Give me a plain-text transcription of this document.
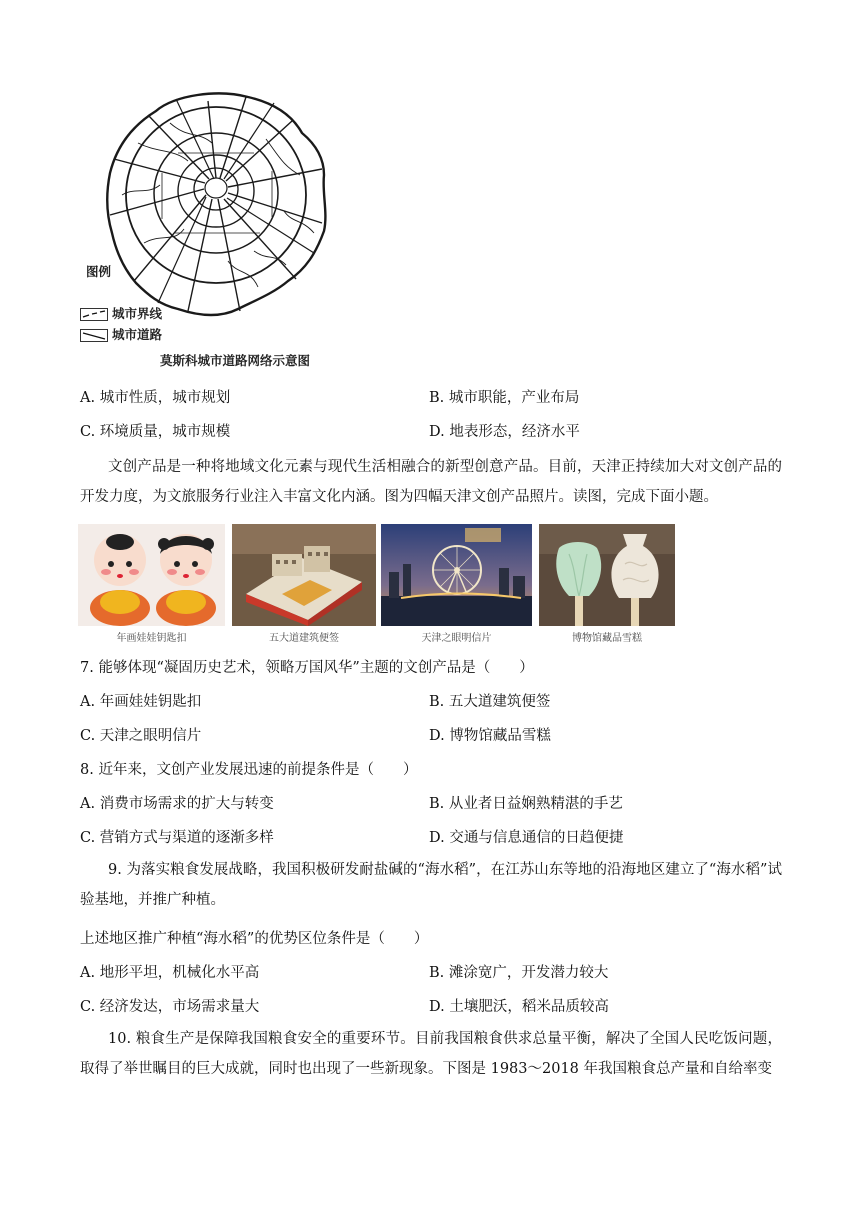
图例
城市界线
城市道路
莫斯科城市道路网络示意图
A. 城市性质，城市规划	B. 城市职能，产业布局
C. 环境质量，城市规模	D. 地表形态，经济水平

文创产品是一种将地域文化元素与现代生活相融合的新型创意产品。目前，天津正持续加大对文创产品的开发力度，为文旅服务行业注入丰富文化内涵。图为四幅天津文创产品照片。读图，完成下面小题。

年画娃娃钥匙扣	五大道建筑便签	天津之眼明信片	博物馆藏品雪糕
7. 能够体现“凝固历史艺术，领略万国风华”主题的文创产品是（　　）
A. 年画娃娃钥匙扣	B. 五大道建筑便签
C. 天津之眼明信片	D. 博物馆藏品雪糕
8. 近年来，文创产业发展迅速的前提条件是（　　）
A. 消费市场需求的扩大与转变	B. 从业者日益娴熟精湛的手艺
C. 营销方式与渠道的逐渐多样	D. 交通与信息通信的日趋便捷

9. 为落实粮食发展战略，我国积极研发耐盐碱的“海水稻”，在江苏山东等地的沿海地区建立了“海水稻”试验基地，并推广种植。

上述地区推广种植“海水稻”的优势区位条件是（　　）
A. 地形平坦，机械化水平高	B. 滩涂宽广，开发潜力较大
C. 经济发达，市场需求量大	D. 土壤肥沃，稻米品质较高

10. 粮食生产是保障我国粮食安全的重要环节。目前我国粮食供求总量平衡，解决了全国人民吃饭问题，取得了举世瞩目的巨大成就，同时也出现了一些新现象。下图是 1983～2018 年我国粮食总产量和自给率变
